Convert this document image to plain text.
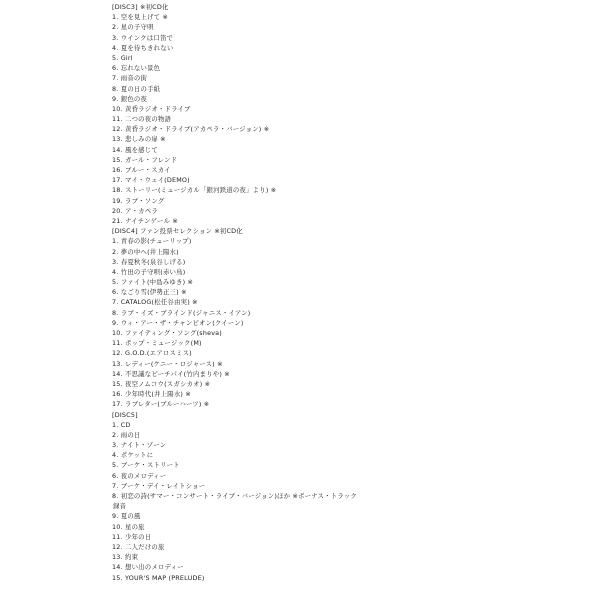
[DISC3] ※初CD化
1. 空を見上げて ※
2. 星の子守唄
3. ウインクは口笛で
4. 夏を待ちきれない
5. Girl
6. 忘れない景色
7. 雨音の街
8. 夏の日の手紙
9. 銀色の夜
10. 黄昏ラジオ・ドライブ
11. 二つの夜の物語
12. 黄昏ラジオ・ドライブ(アカペラ・バージョン) ※
13. 悲しみの扉 ※
14. 風を感じて
15. ガール・フレンド
16. ブルー・スカイ
17. マイ・ウェイ(DEMO)
18. ストーリー(ミュージカル「銀河鉄道の夜」より) ※
19. ラブ・ソング
20. ア・カペラ
21. ナイチンゲール ※
[DISC4] ファン投票セレクション ※初CD化
1. 青春の影(チューリップ)
2. 夢の中へ(井上陽水)
3. 春夏秋冬(泉谷しげる)
4. 竹田の子守唄(赤い鳥)
5. ファイト(中島みゆき) ※
6. なごり雪(伊勢正三) ※
7. CATALOG(松任谷由実) ※
8. ラブ・イズ・ブラインド(ジャニス・イアン)
9. ウィ・アー・ザ・チャンピオン(クイーン)
10. ファイティング・ソング(sheva)
11. ポップ・ミュージック(M)
12. G.O.D.(エアロスミス)
13. レディー(ケニー・ロジャース) ※
14. 不思議なピーチパイ(竹内まりや) ※
15. 夜空ノムコウ(スガシカオ) ※
16. 少年時代(井上陽水) ※
17. ラブレター(ブルーハーツ) ※
[DISC5]
1. CD
2. 雨の日
3. ナイト・ゾーン
4. ポケットに
5. ブーケ・ストリート
6. 夜のメロディー
7. ブーケ・デイ・レイトショー
8. 初恋の詩(サマー・コンサート・ライブ・バージョン)ほか ※ボーナス・トラック
録音
9. 夏の風
10. 星の旅
11. 少年の日
12. 二人だけの旅
13. 約束
14. 想い出のメロディー
15. YOUR'S MAP (PRELUDE)
